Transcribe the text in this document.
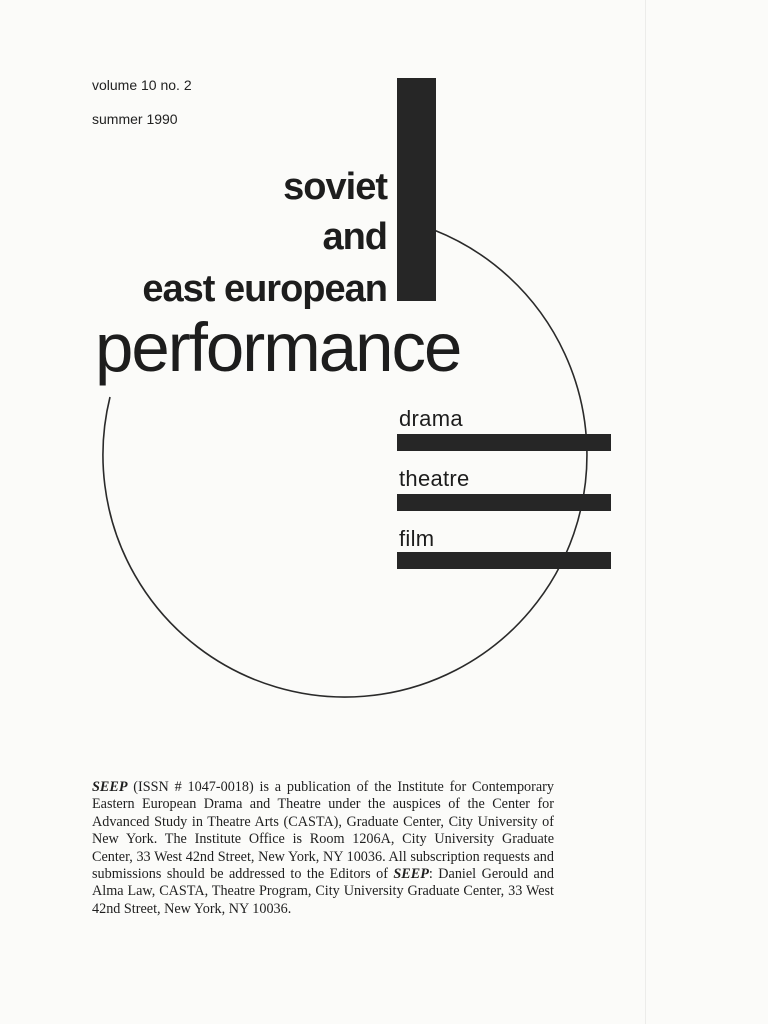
volume 10 no. 2
summer 1990
soviet
and
east european
performance
drama
theatre
film
SEEP (ISSN # 1047-0018) is a publication of the Institute for Contemporary Eastern European Drama and Theatre under the auspices of the Center for Advanced Study in Theatre Arts (CASTA), Graduate Center, City University of New York. The Institute Office is Room 1206A, City University Graduate Center, 33 West 42nd Street, New York, NY 10036. All subscription requests and submissions should be addressed to the Editors of SEEP: Daniel Gerould and Alma Law, CASTA, Theatre Program, City University Graduate Center, 33 West 42nd Street, New York, NY 10036.
